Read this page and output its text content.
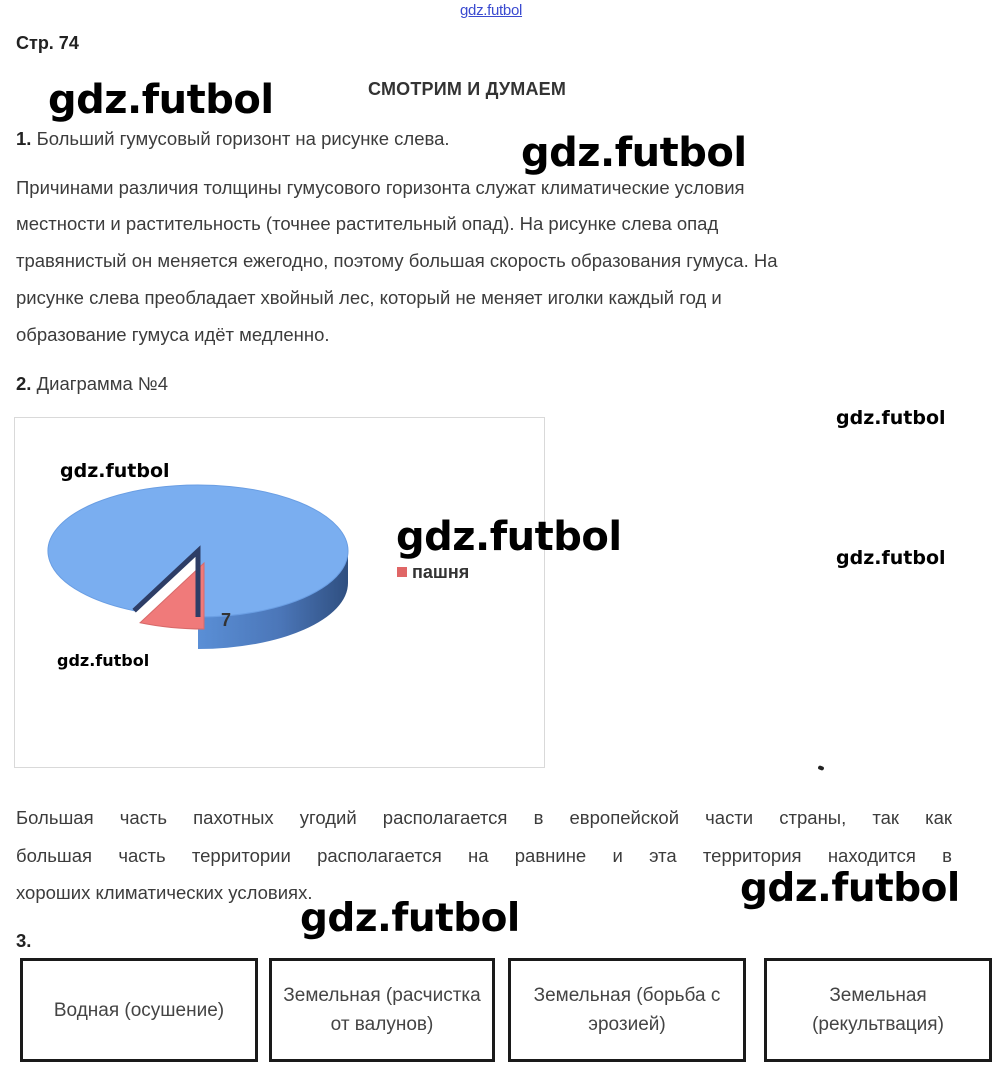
gdz.futbol
Стр. 74
СМОТРИМ И ДУМАЕМ
gdz.futbol
gdz.futbol
gdz.futbol
gdz.futbol
gdz.futbol
gdz.futbol
1. Больший гумусовый горизонт на рисунке слева.
Причинами различия толщины гумусового горизонта служат климатические условия
местности и растительность (точнее растительный опад). На рисунке слева опад
травянистый он меняется ежегодно, поэтому большая скорость образования гумуса. На
рисунке слева преобладает хвойный лес, который не меняет иголки каждый год и
образование гумуса идёт медленно.
2. Диаграмма №4
7
пашня
gdz.futbol
gdz.futbol
gdz.futbol
Большая часть пахотных угодий располагается в европейской части страны, так как
большая часть территории располагается на равнине и эта территория находится в
хороших климатических условиях.
3.
Водная (осушение)
Земельная (расчистка от валунов)
Земельная (борьба с эрозией)
Земельная (рекультвация)
